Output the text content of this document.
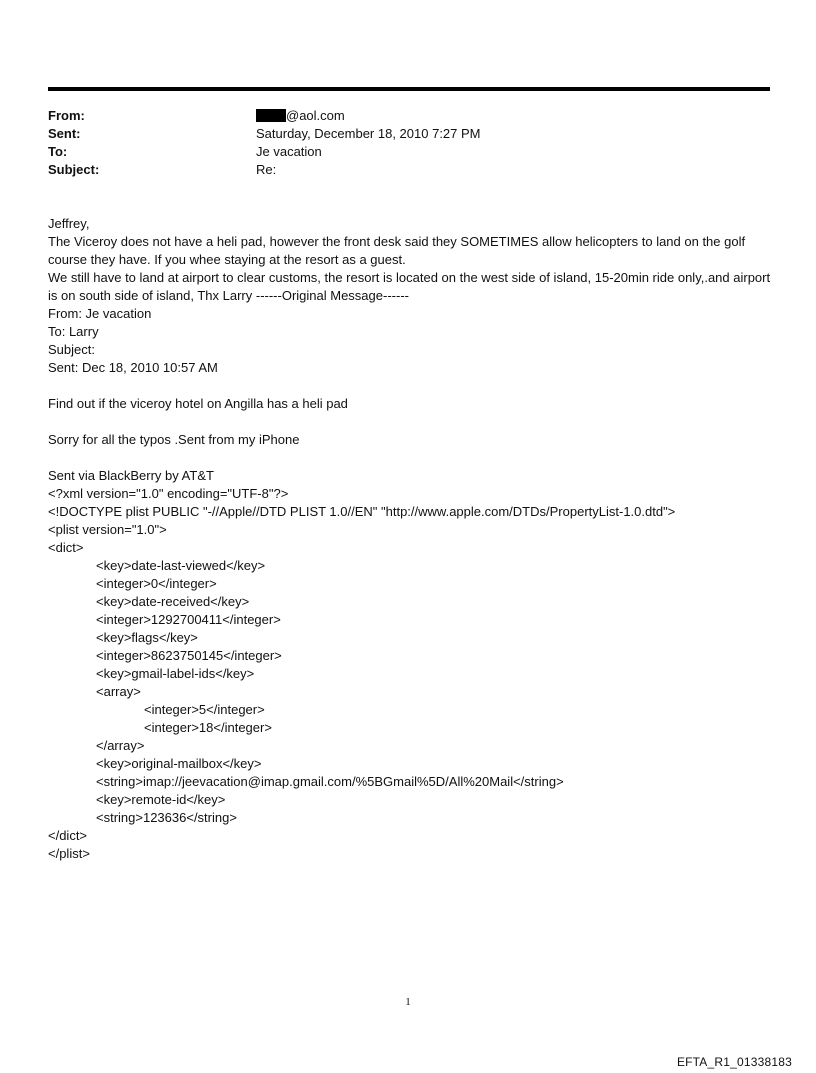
From:	@aol.com
Sent:	Saturday, December 18, 2010 7:27 PM
To:	Je vacation
Subject:	Re:
Jeffrey,
The Viceroy does not have a heli pad, however the front desk said they SOMETIMES allow helicopters to land on the golf course they have. If you whee staying at the resort as a guest.
We still have to land at airport to clear customs, the resort is located on the west side of island, 15-20min ride only,.and airport is on south side of island, Thx Larry ------Original Message------
From: Je vacation
To: Larry
Subject:
Sent: Dec 18, 2010 10:57 AM
Find out if the viceroy hotel on Angilla has a heli pad
Sorry for all the typos .Sent from my iPhone
Sent via BlackBerry by AT&T
<?xml version="1.0" encoding="UTF-8"?>
<!DOCTYPE plist PUBLIC "-//Apple//DTD PLIST 1.0//EN" "http://www.apple.com/DTDs/PropertyList-1.0.dtd">
<plist version="1.0">
<dict>
<key>date-last-viewed</key>
<integer>0</integer>
<key>date-received</key>
<integer>1292700411</integer>
<key>flags</key>
<integer>8623750145</integer>
<key>gmail-label-ids</key>
<array>
<integer>5</integer>
<integer>18</integer>
</array>
<key>original-mailbox</key>
<string>imap://jeevacation@imap.gmail.com/%5BGmail%5D/All%20Mail</string>
<key>remote-id</key>
<string>123636</string>
</dict>
</plist>
1
EFTA_R1_01338183
